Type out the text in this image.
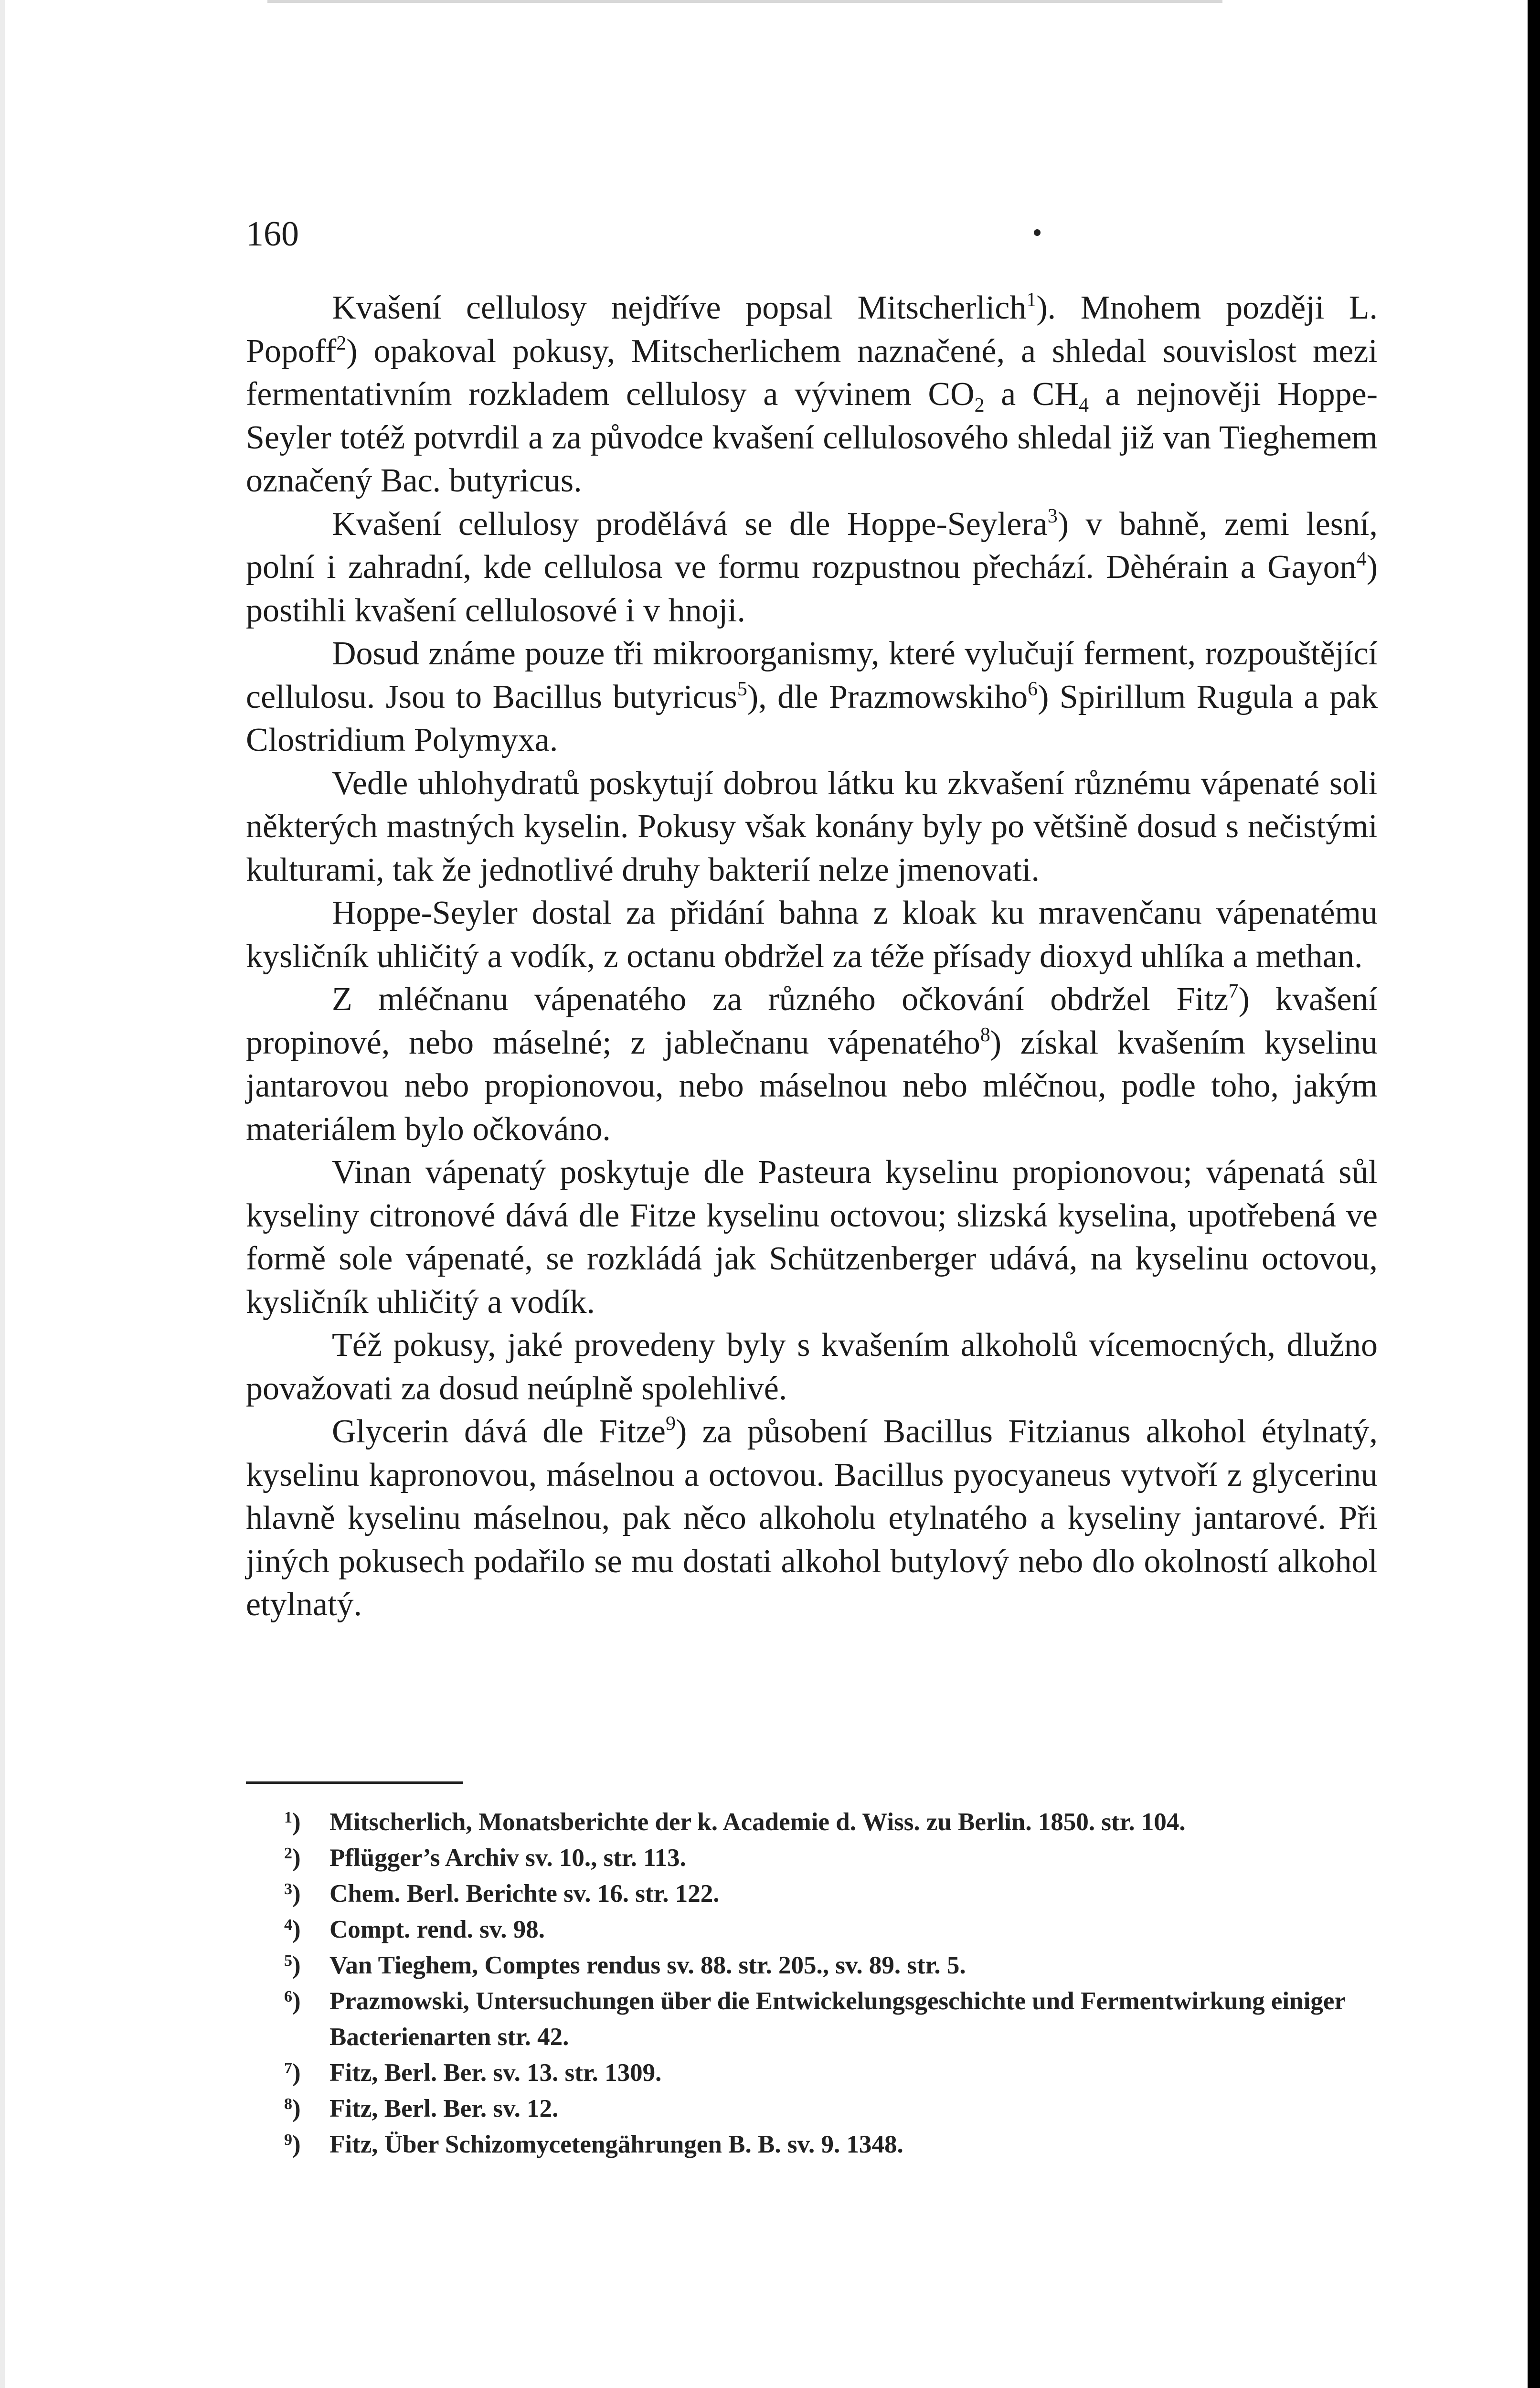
160

Kvašení cellulosy nejdříve popsal Mitscherlich$^1$). Mnohem později L. Popoff$^2$) opakoval pokusy, Mitscherlichem naznačené, a shledal souvislost mezi fermentativním rozkladem cellulosy a vývinem $CO_2$ a $CH_4$ a nejnověji Hoppe-Seyler totéž potvrdil a za původce kvašení cellulosového shledal již van Tieghemem označený Bac. butyricus.

Kvašení cellulosy prodělává se dle Hoppe-Seylera$^3$) v bahně, zemi lesní, polní i zahradní, kde cellulosa ve formu rozpustnou přechází. Dèhérain a Gayon$^4$) postihli kvašení cellulosové i v hnoji.

Dosud známe pouze tři mikroorganismy, které vylučují ferment, rozpouštějící cellulosu. Jsou to Bacillus butyricus$^5$), dle Prazmowskiho$^6$) Spirillum Rugula a pak Clostridium Polymyxa.

Vedle uhlohydratů poskytují dobrou látku ku zkvašení různému vápenaté soli některých mastných kyselin. Pokusy však konány byly po většině dosud s nečistými kulturami, tak že jednotlivé druhy bakterií nelze jmenovati.

Hoppe-Seyler dostal za přidání bahna z kloak ku mravenčanu vápenatému kysličník uhličitý a vodík, z octanu obdržel za téže přísady dioxyd uhlíka a methan.

Z mléčnanu vápenatého za různého očkování obdržel Fitz$^7$) kvašení propinové, nebo máselné; z jablečnanu vápenatého$^8$) získal kvašením kyselinu jantarovou nebo propionovou, nebo máselnou nebo mléčnou, podle toho, jakým materiálem bylo očkováno.

Vinan vápenatý poskytuje dle Pasteura kyselinu propionovou; vápenatá sůl kyseliny citronové dává dle Fitze kyselinu octovou; slizská kyselina, upotřebená ve formě sole vápenaté, se rozkládá jak Schützenberger udává, na kyselinu octovou, kysličník uhličitý a vodík.

Též pokusy, jaké provedeny byly s kvašením alkoholů vícemocných, dlužno považovati za dosud neúplně spolehlivé.

Glycerin dává dle Fitze$^9$) za působení Bacillus Fitzianus alkohol étylnatý, kyselinu kapronovou, máselnou a octovou. Bacillus pyocyaneus vytvoří z glycerinu hlavně kyselinu máselnou, pak něco alkoholu etylnatého a kyseliny jantarové. Při jiných pokusech podařilo se mu dostati alkohol butylový nebo dlo okolností alkohol etylnatý.

$^1$)	Mitscherlich, Monatsberichte der k. Academie d. Wiss. zu Berlin. 1850. str. 104.
$^2$)	Pflügger’s Archiv sv. 10., str. 113.
$^3$)	Chem. Berl. Berichte sv. 16. str. 122.
$^4$)	Compt. rend. sv. 98.
$^5$)	Van Tieghem, Comptes rendus sv. 88. str. 205., sv. 89. str. 5.
$^6$)	Prazmowski, Untersuchungen über die Entwickelungsgeschichte und Fermentwirkung einiger Bacterienarten str. 42.
$^7$)	Fitz, Berl. Ber. sv. 13. str. 1309.
$^8$)	Fitz, Berl. Ber. sv. 12.
$^9$)	Fitz, Über Schizomycetengährungen B. B. sv. 9. 1348.
